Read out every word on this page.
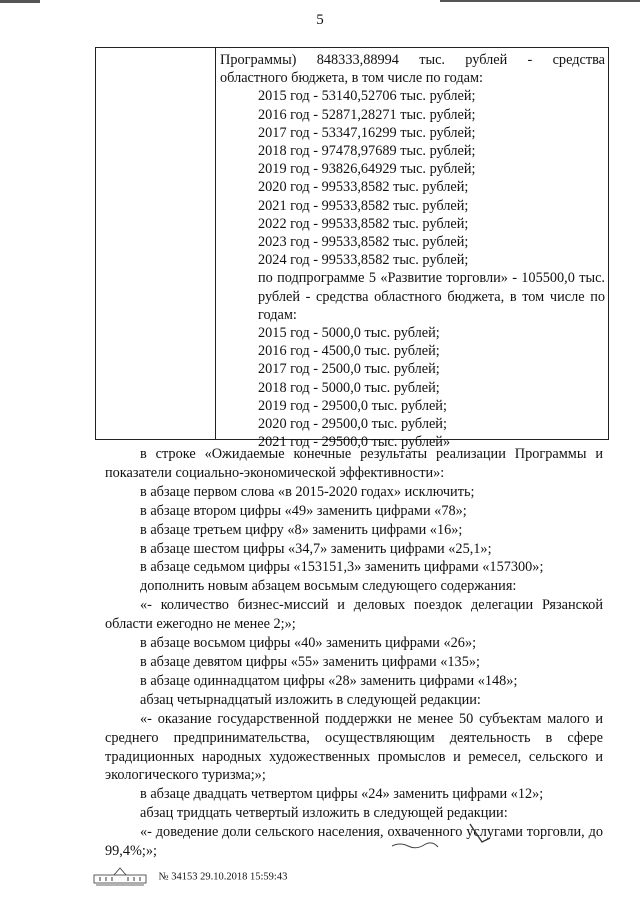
5
Программы) 848333,88994 тыс. рублей - средства
областного бюджета, в том числе по годам:
2015 год - 53140,52706 тыс. рублей;
2016 год - 52871,28271 тыс. рублей;
2017 год - 53347,16299 тыс. рублей;
2018 год - 97478,97689 тыс. рублей;
2019 год - 93826,64929 тыс. рублей;
2020 год - 99533,8582 тыс. рублей;
2021 год - 99533,8582 тыс. рублей;
2022 год - 99533,8582 тыс. рублей;
2023 год - 99533,8582 тыс. рублей;
2024 год - 99533,8582 тыс. рублей;
по подпрограмме 5 «Развитие торговли» - 105500,0 тыс. рублей - средства областного бюджета, в том числе по годам:
2015 год - 5000,0 тыс. рублей;
2016 год - 4500,0 тыс. рублей;
2017 год - 2500,0 тыс. рублей;
2018 год - 5000,0 тыс. рублей;
2019 год - 29500,0 тыс. рублей;
2020 год - 29500,0 тыс. рублей;
2021 год - 29500,0 тыс. рублей»
в строке «Ожидаемые конечные результаты реализации Программы и показатели социально-экономической эффективности»:
в абзаце первом слова «в 2015-2020 годах» исключить;
в абзаце втором цифры «49» заменить цифрами «78»;
в абзаце третьем цифру «8» заменить цифрами «16»;
в абзаце шестом цифры «34,7» заменить цифрами «25,1»;
в абзаце седьмом цифры «153151,3» заменить цифрами «157300»;
дополнить новым абзацем восьмым следующего содержания:
«- количество бизнес-миссий и деловых поездок делегации Рязанской области ежегодно не менее 2;»;
в абзаце восьмом цифры «40» заменить цифрами «26»;
в абзаце девятом цифры «55» заменить цифрами «135»;
в абзаце одиннадцатом цифры «28» заменить цифрами «148»;
абзац четырнадцатый изложить в следующей редакции:
«- оказание государственной поддержки не менее 50 субъектам малого и среднего предпринимательства, осуществляющим деятельность в сфере традиционных народных художественных промыслов и ремесел, сельского и экологического туризма;»;
в абзаце двадцать четвертом цифры «24» заменить цифрами «12»;
абзац тридцать четвертый изложить в следующей редакции:
«- доведение доли сельского населения, охваченного услугами торговли, до 99,4%;»;
№ 34153 29.10.2018 15:59:43
